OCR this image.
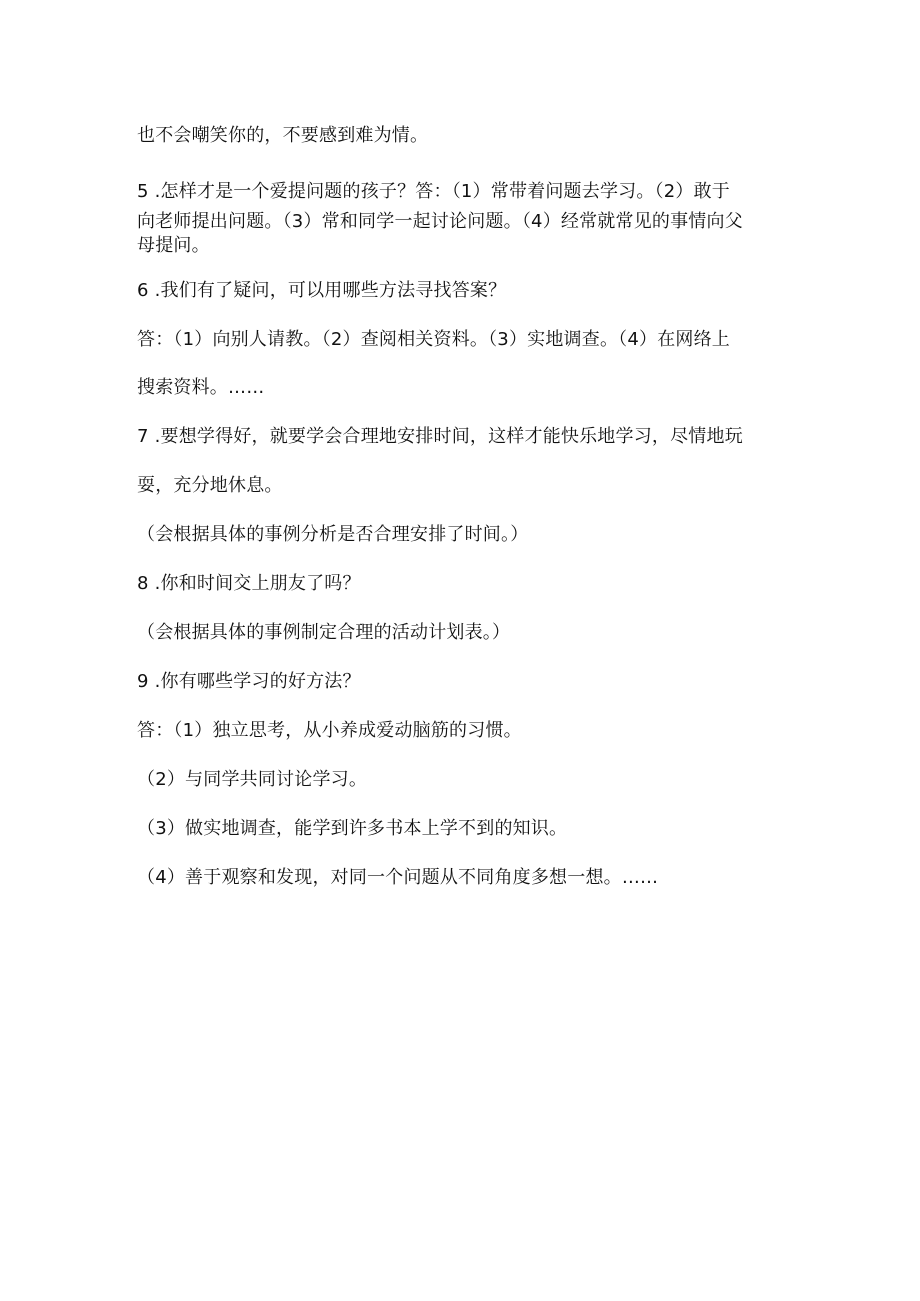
也不会嘲笑你的，不要感到难为情。
5 .怎样才是一个爱提问题的孩子？答：（1）常带着问题去学习。（2）敢于
向老师提出问题。（3）常和同学一起讨论问题。（4）经常就常见的事情向父
母提问。
6 .我们有了疑问，可以用哪些方法寻找答案？
答：（1）向别人请教。（2）查阅相关资料。（3）实地调查。（4）在网络上
搜索资料。……
7 .要想学得好，就要学会合理地安排时间，这样才能快乐地学习，尽情地玩
耍，充分地休息。
（会根据具体的事例分析是否合理安排了时间。）
8 .你和时间交上朋友了吗？
（会根据具体的事例制定合理的活动计划表。）
9 .你有哪些学习的好方法？
答：（1）独立思考，从小养成爱动脑筋的习惯。
（2）与同学共同讨论学习。
（3）做实地调查，能学到许多书本上学不到的知识。
（4）善于观察和发现，对同一个问题从不同角度多想一想。……
